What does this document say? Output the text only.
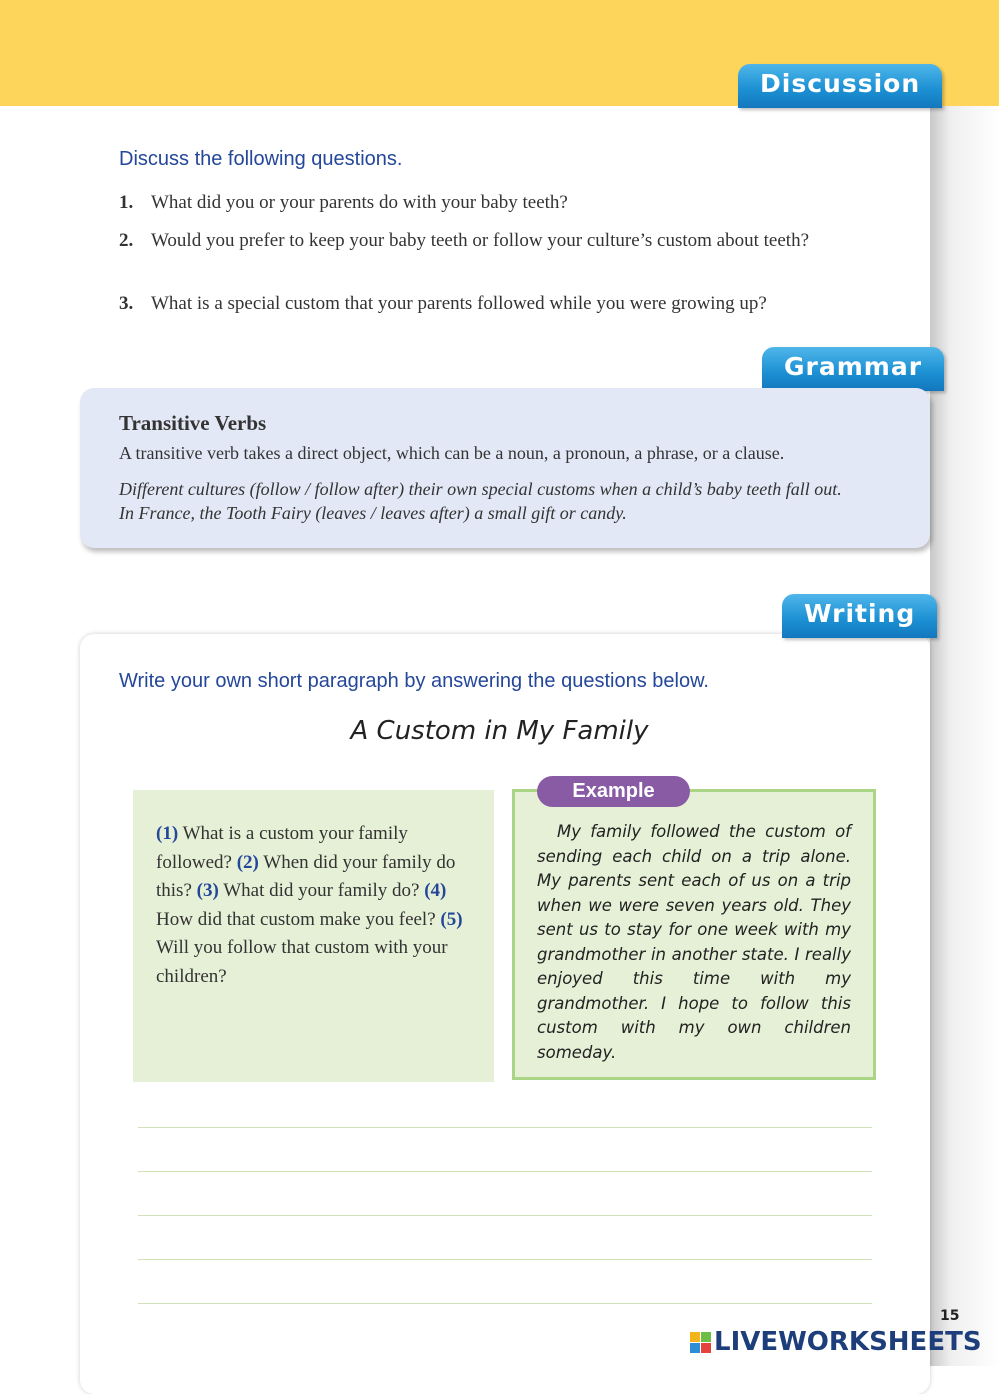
Discussion
Discuss the following questions.
1. What did you or your parents do with your baby teeth?
2. Would you prefer to keep your baby teeth or follow your culture’s custom about teeth?
3. What is a special custom that your parents followed while you were growing up?
Grammar
Transitive Verbs
A transitive verb takes a direct object, which can be a noun, a pronoun, a phrase, or a clause.
Different cultures (follow / follow after) their own special customs when a child’s baby teeth fall out.
In France, the Tooth Fairy (leaves / leaves after) a small gift or candy.
Writing
Write your own short paragraph by answering the questions below.
A Custom in My Family
(1) What is a custom your family followed? (2) When did your family do this? (3) What did your family do? (4) How did that custom make you feel? (5) Will you follow that custom with your children?
My family followed the custom of sending each child on a trip alone. My parents sent each of us on a trip when we were seven years old. They sent us to stay for one week with my grandmother in another state. I really enjoyed this time with my grandmother. I hope to follow this custom with my own children someday.
Example
15
LIVEWORKSHEETS
